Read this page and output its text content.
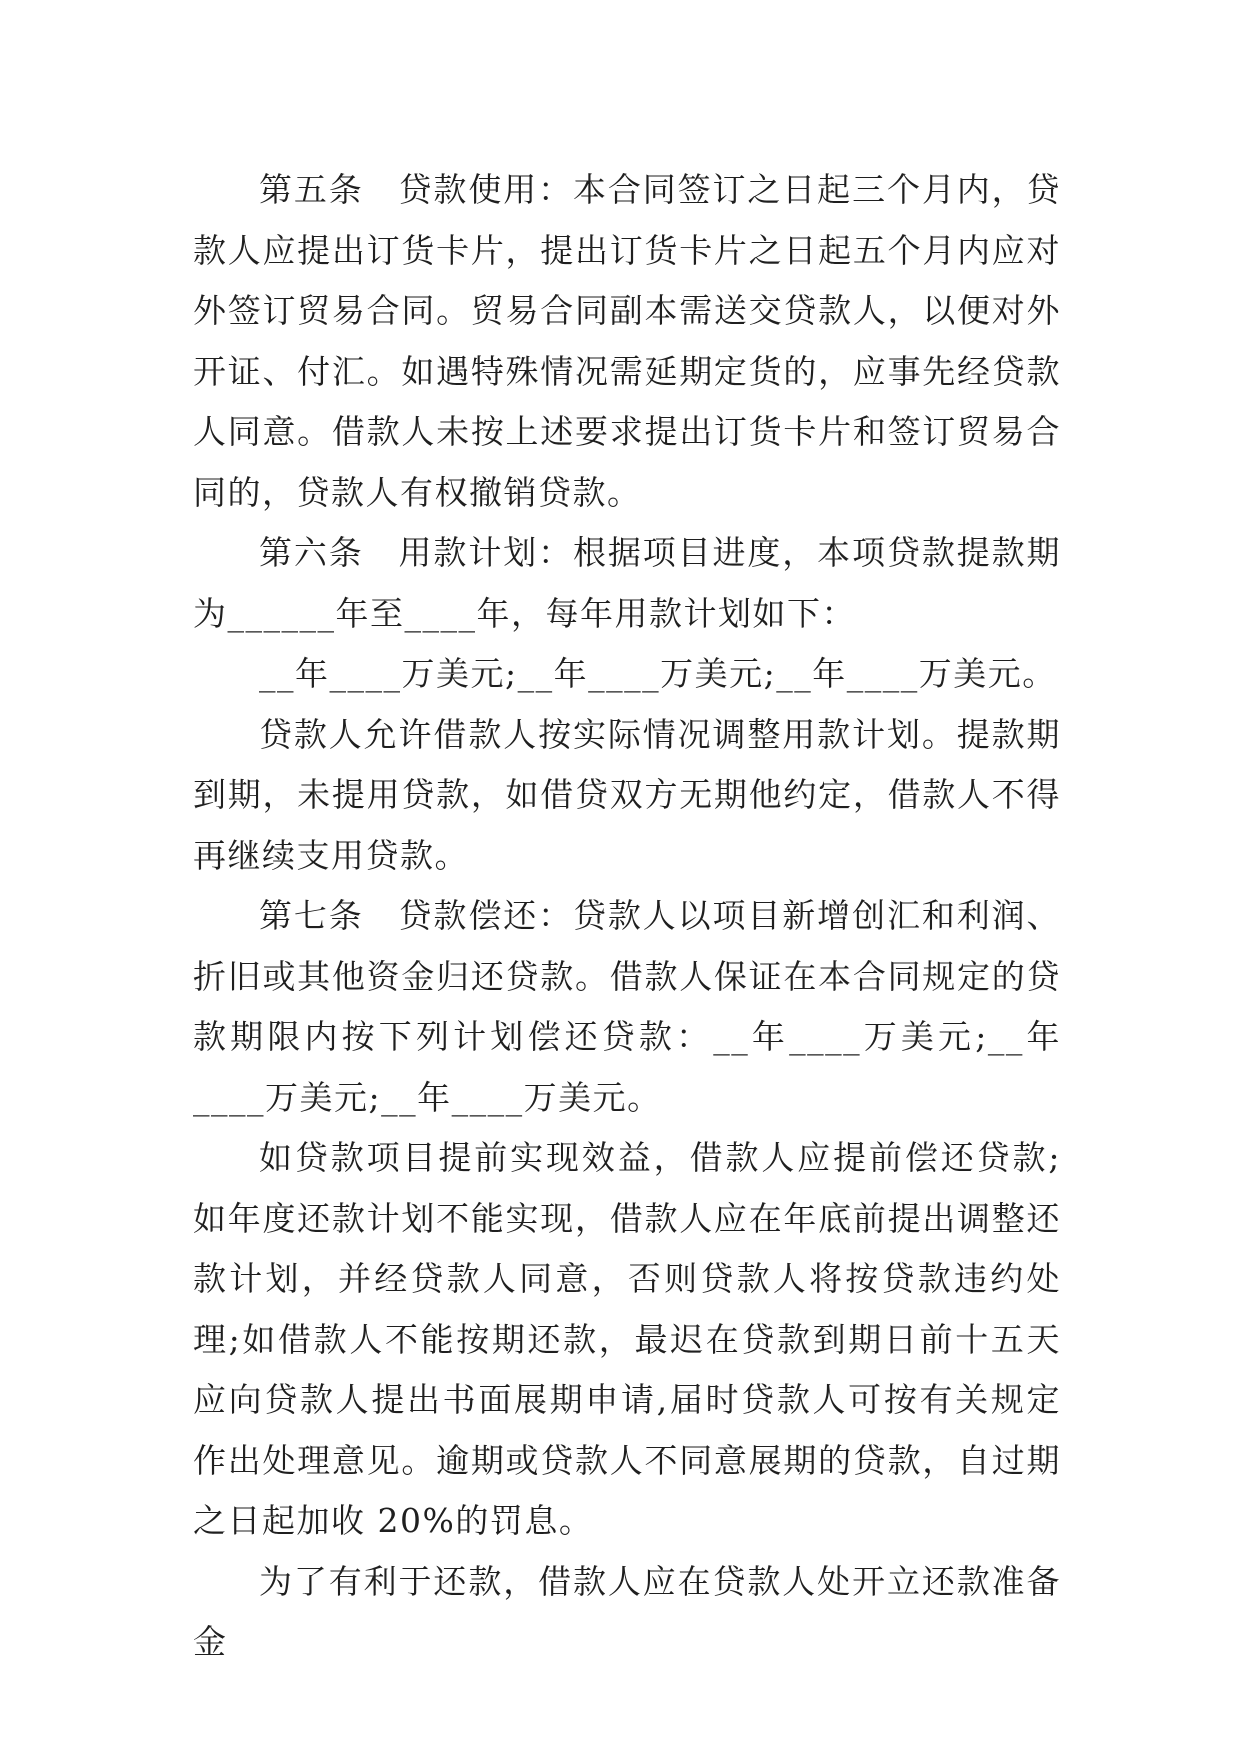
第五条　贷款使用：本合同签订之日起三个月内，贷款人应提出订货卡片，提出订货卡片之日起五个月内应对外签订贸易合同。贸易合同副本需送交贷款人，以便对外开证、付汇。如遇特殊情况需延期定货的，应事先经贷款人同意。借款人未按上述要求提出订货卡片和签订贸易合同的，贷款人有权撤销贷款。

第六条　用款计划：根据项目进度，本项贷款提款期为______年至____年，每年用款计划如下：

__年____万美元;__年____万美元;__年____万美元。

贷款人允许借款人按实际情况调整用款计划。提款期到期，未提用贷款，如借贷双方无期他约定，借款人不得再继续支用贷款。

第七条　贷款偿还：贷款人以项目新增创汇和利润、折旧或其他资金归还贷款。借款人保证在本合同规定的贷款期限内按下列计划偿还贷款：__年____万美元;__年____万美元;__年____万美元。

如贷款项目提前实现效益，借款人应提前偿还贷款;如年度还款计划不能实现，借款人应在年底前提出调整还款计划，并经贷款人同意，否则贷款人将按贷款违约处理;如借款人不能按期还款，最迟在贷款到期日前十五天应向贷款人提出书面展期申请,届时贷款人可按有关规定作出处理意见。逾期或贷款人不同意展期的贷款，自过期之日起加收 20%的罚息。

为了有利于还款，借款人应在贷款人处开立还款准备金
